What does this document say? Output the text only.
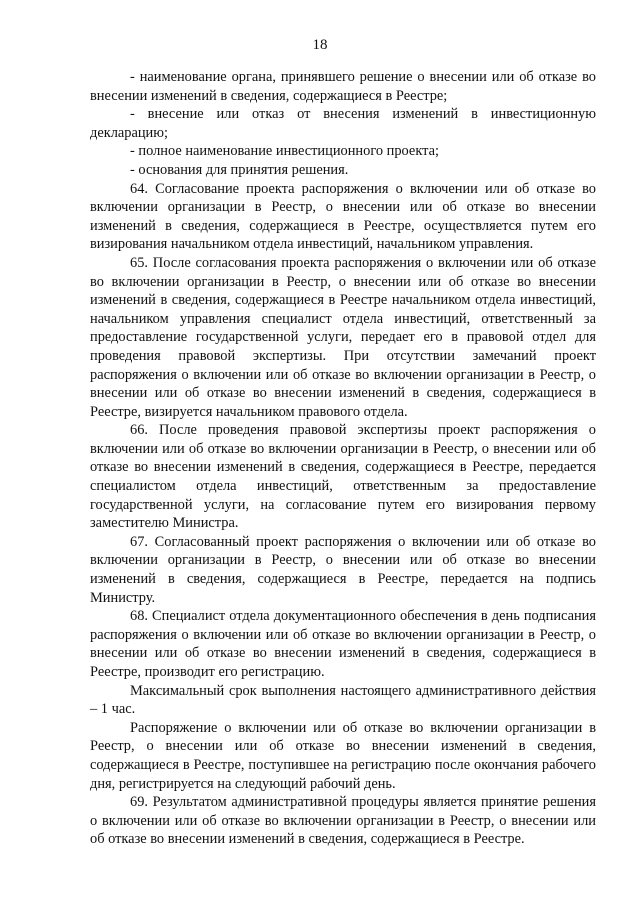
18

- наименование органа, принявшего решение о внесении или об отказе во внесении изменений в сведения, содержащиеся в Реестре;

- внесение или отказ от внесения изменений в инвестиционную декларацию;

- полное наименование инвестиционного проекта;

- основания для принятия решения.

64. Согласование проекта распоряжения о включении или об отказе во включении организации в Реестр, о внесении или об отказе во внесении изменений в сведения, содержащиеся в Реестре, осуществляется путем его визирования начальником отдела инвестиций, начальником управления.

65. После согласования проекта распоряжения о включении или об отказе во включении организации в Реестр, о внесении или об отказе во внесении изменений в сведения, содержащиеся в Реестре начальником отдела инвестиций, начальником управления специалист отдела инвестиций, ответственный за предоставление государственной услуги, передает его в правовой отдел для проведения правовой экспертизы. При отсутствии замечаний проект распоряжения о включении или об отказе во включении организации в Реестр, о внесении или об отказе во внесении изменений в сведения, содержащиеся в Реестре, визируется начальником правового отдела.

66. После проведения правовой экспертизы проект распоряжения о включении или об отказе во включении организации в Реестр, о внесении или об отказе во внесении изменений в сведения, содержащиеся в Реестре, передается специалистом отдела инвестиций, ответственным за предоставление государственной услуги, на согласование путем его визирования первому заместителю Министра.

67. Согласованный проект распоряжения о включении или об отказе во включении организации в Реестр, о внесении или об отказе во внесении изменений в сведения, содержащиеся в Реестре, передается на подпись Министру.

68. Специалист отдела документационного обеспечения в день подписания распоряжения о включении или об отказе во включении организации в Реестр, о внесении или об отказе во внесении изменений в сведения, содержащиеся в Реестре, производит его регистрацию.

Максимальный срок выполнения настоящего административного действия – 1 час.

Распоряжение о включении или об отказе во включении организации в Реестр, о внесении или об отказе во внесении изменений в сведения, содержащиеся в Реестре, поступившее на регистрацию после окончания рабочего дня, регистрируется на следующий рабочий день.

69. Результатом административной процедуры является принятие решения о включении или об отказе во включении организации в Реестр, о внесении или об отказе во внесении изменений в сведения, содержащиеся в Реестре.
